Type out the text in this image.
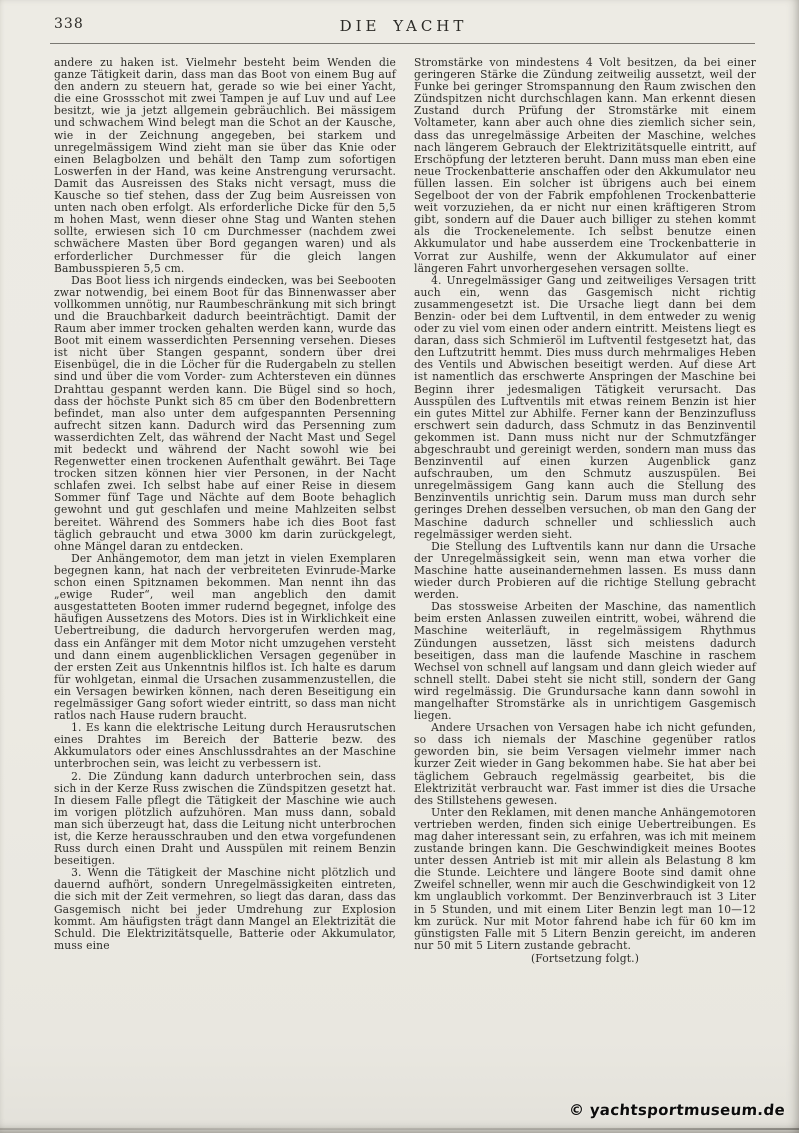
338	DIE YACHT

andere zu haken ist. Vielmehr besteht beim Wenden die ganze Tätigkeit darin, dass man das Boot von einem Bug auf den andern zu steuern hat, gerade so wie bei einer Yacht, die eine Grossschot mit zwei Tampen je auf Luv und auf Lee besitzt, wie ja jetzt allgemein gebräuchlich. Bei mässigem und schwachem Wind belegt man die Schot an der Kausche, wie in der Zeichnung angegeben, bei starkem und unregelmässigem Wind zieht man sie über das Knie oder einen Belagbolzen und behält den Tamp zum sofortigen Loswerfen in der Hand, was keine Anstrengung verursacht. Damit das Ausreissen des Staks nicht versagt, muss die Kausche so tief stehen, dass der Zug beim Ausreissen von unten nach oben erfolgt. Als erforderliche Dicke für den 5,5 m hohen Mast, wenn dieser ohne Stag und Wanten stehen sollte, erwiesen sich 10 cm Durchmesser (nachdem zwei schwächere Masten über Bord gegangen waren) und als erforderlicher Durchmesser für die gleich langen Bambusspieren 5,5 cm.

Das Boot liess ich nirgends eindecken, was bei Seebooten zwar notwendig, bei einem Boot für das Binnenwasser aber vollkommen unnötig, nur Raumbeschränkung mit sich bringt und die Brauchbarkeit dadurch beeinträchtigt. Damit der Raum aber immer trocken gehalten werden kann, wurde das Boot mit einem wasserdichten Persenning versehen. Dieses ist nicht über Stangen gespannt, sondern über drei Eisenbügel, die in die Löcher für die Rudergabeln zu stellen sind und über die vom Vorder- zum Achtersteven ein dünnes Drahttau gespannt werden kann. Die Bügel sind so hoch, dass der höchste Punkt sich 85 cm über den Bodenbrettern befindet, man also unter dem aufgespannten Persenning aufrecht sitzen kann. Dadurch wird das Persenning zum wasserdichten Zelt, das während der Nacht Mast und Segel mit bedeckt und während der Nacht sowohl wie bei Regenwetter einen trockenen Aufenthalt gewährt. Bei Tage trocken sitzen können hier vier Personen, in der Nacht schlafen zwei. Ich selbst habe auf einer Reise in diesem Sommer fünf Tage und Nächte auf dem Boote behaglich gewohnt und gut geschlafen und meine Mahlzeiten selbst bereitet. Während des Sommers habe ich dies Boot fast täglich gebraucht und etwa 3000 km darin zurückgelegt, ohne Mängel daran zu entdecken.

Der Anhängemotor, dem man jetzt in vielen Exemplaren begegnen kann, hat nach der verbreiteten Evinrude-Marke schon einen Spitznamen bekommen. Man nennt ihn das „ewige Ruder“, weil man angeblich den damit ausgestatteten Booten immer rudernd begegnet, infolge des häufigen Aussetzens des Motors. Dies ist in Wirklichkeit eine Uebertreibung, die dadurch hervorgerufen werden mag, dass ein Anfänger mit dem Motor nicht umzugehen versteht und dann einem augenblicklichen Versagen gegenüber in der ersten Zeit aus Unkenntnis hilflos ist. Ich halte es darum für wohlgetan, einmal die Ursachen zusammenzustellen, die ein Versagen bewirken können, nach deren Beseitigung ein regelmässiger Gang sofort wieder eintritt, so dass man nicht ratlos nach Hause rudern braucht.

1. Es kann die elektrische Leitung durch Herausrutschen eines Drahtes im Bereich der Batterie bezw. des Akkumulators oder eines Anschlussdrahtes an der Maschine unterbrochen sein, was leicht zu verbessern ist.

2. Die Zündung kann dadurch unterbrochen sein, dass sich in der Kerze Russ zwischen die Zündspitzen gesetzt hat. In diesem Falle pflegt die Tätigkeit der Maschine wie auch im vorigen plötzlich aufzuhören. Man muss dann, sobald man sich überzeugt hat, dass die Leitung nicht unterbrochen ist, die Kerze herausschrauben und den etwa vorgefundenen Russ durch einen Draht und Ausspülen mit reinem Benzin beseitigen.

3. Wenn die Tätigkeit der Maschine nicht plötzlich und dauernd aufhört, sondern Unregelmässigkeiten eintreten, die sich mit der Zeit vermehren, so liegt das daran, dass das Gasgemisch nicht bei jeder Umdrehung zur Explosion kommt. Am häufigsten trägt dann Mangel an Elektrizität die Schuld. Die Elektrizitätsquelle, Batterie oder Akkumulator, muss eine

Stromstärke von mindestens 4 Volt besitzen, da bei einer geringeren Stärke die Zündung zeitweilig aussetzt, weil der Funke bei geringer Stromspannung den Raum zwischen den Zündspitzen nicht durchschlagen kann. Man erkennt diesen Zustand durch Prüfung der Stromstärke mit einem Voltameter, kann aber auch ohne dies ziemlich sicher sein, dass das unregelmässige Arbeiten der Maschine, welches nach längerem Gebrauch der Elektrizitätsquelle eintritt, auf Erschöpfung der letzteren beruht. Dann muss man eben eine neue Trockenbatterie anschaffen oder den Akkumulator neu füllen lassen. Ein solcher ist übrigens auch bei einem Segelboot der von der Fabrik empfohlenen Trockenbatterie weit vorzuziehen, da er nicht nur einen kräftigeren Strom gibt, sondern auf die Dauer auch billiger zu stehen kommt als die Trockenelemente. Ich selbst benutze einen Akkumulator und habe ausserdem eine Trockenbatterie in Vorrat zur Aushilfe, wenn der Akkumulator auf einer längeren Fahrt unvorhergesehen versagen sollte.

4. Unregelmässiger Gang und zeitweiliges Versagen tritt auch ein, wenn das Gasgemisch nicht richtig zusammengesetzt ist. Die Ursache liegt dann bei dem Benzin- oder bei dem Luftventil, in dem entweder zu wenig oder zu viel vom einen oder andern eintritt. Meistens liegt es daran, dass sich Schmieröl im Luftventil festgesetzt hat, das den Luftzutritt hemmt. Dies muss durch mehrmaliges Heben des Ventils und Abwischen beseitigt werden. Auf diese Art ist namentlich das erschwerte Anspringen der Maschine bei Beginn ihrer jedesmaligen Tätigkeit verursacht. Das Ausspülen des Luftventils mit etwas reinem Benzin ist hier ein gutes Mittel zur Abhilfe. Ferner kann der Benzinzufluss erschwert sein dadurch, dass Schmutz in das Benzinventil gekommen ist. Dann muss nicht nur der Schmutzfänger abgeschraubt und gereinigt werden, sondern man muss das Benzinventil auf einen kurzen Augenblick ganz aufschrauben, um den Schmutz auszuspülen. Bei unregelmässigem Gang kann auch die Stellung des Benzinventils unrichtig sein. Darum muss man durch sehr geringes Drehen desselben versuchen, ob man den Gang der Maschine dadurch schneller und schliesslich auch regelmässiger werden sieht.

Die Stellung des Luftventils kann nur dann die Ursache der Unregelmässigkeit sein, wenn man etwa vorher die Maschine hatte auseinandernehmen lassen. Es muss dann wieder durch Probieren auf die richtige Stellung gebracht werden.

Das stossweise Arbeiten der Maschine, das namentlich beim ersten Anlassen zuweilen eintritt, wobei, während die Maschine weiterläuft, in regelmässigem Rhythmus Zündungen aussetzen, lässt sich meistens dadurch beseitigen, dass man die laufende Maschine in raschem Wechsel von schnell auf langsam und dann gleich wieder auf schnell stellt. Dabei steht sie nicht still, sondern der Gang wird regelmässig. Die Grundursache kann dann sowohl in mangelhafter Stromstärke als in unrichtigem Gasgemisch liegen.

Andere Ursachen von Versagen habe ich nicht gefunden, so dass ich niemals der Maschine gegenüber ratlos geworden bin, sie beim Versagen vielmehr immer nach kurzer Zeit wieder in Gang bekommen habe. Sie hat aber bei täglichem Gebrauch regelmässig gearbeitet, bis die Elektrizität verbraucht war. Fast immer ist dies die Ursache des Stillstehens gewesen.

Unter den Reklamen, mit denen manche Anhängemotoren vertrieben werden, finden sich einige Uebertreibungen. Es mag daher interessant sein, zu erfahren, was ich mit meinem zustande bringen kann. Die Geschwindigkeit meines Bootes unter dessen Antrieb ist mit mir allein als Belastung 8 km die Stunde. Leichtere und längere Boote sind damit ohne Zweifel schneller, wenn mir auch die Geschwindigkeit von 12 km unglaublich vorkommt. Der Benzinverbrauch ist 3 Liter in 5 Stunden, und mit einem Liter Benzin legt man 10—12 km zurück. Nur mit Motor fahrend habe ich für 60 km im günstigsten Falle mit 5 Litern Benzin gereicht, im anderen nur 50 mit 5 Litern zustande gebracht.

(Fortsetzung folgt.)

© yachtsportmuseum.de
